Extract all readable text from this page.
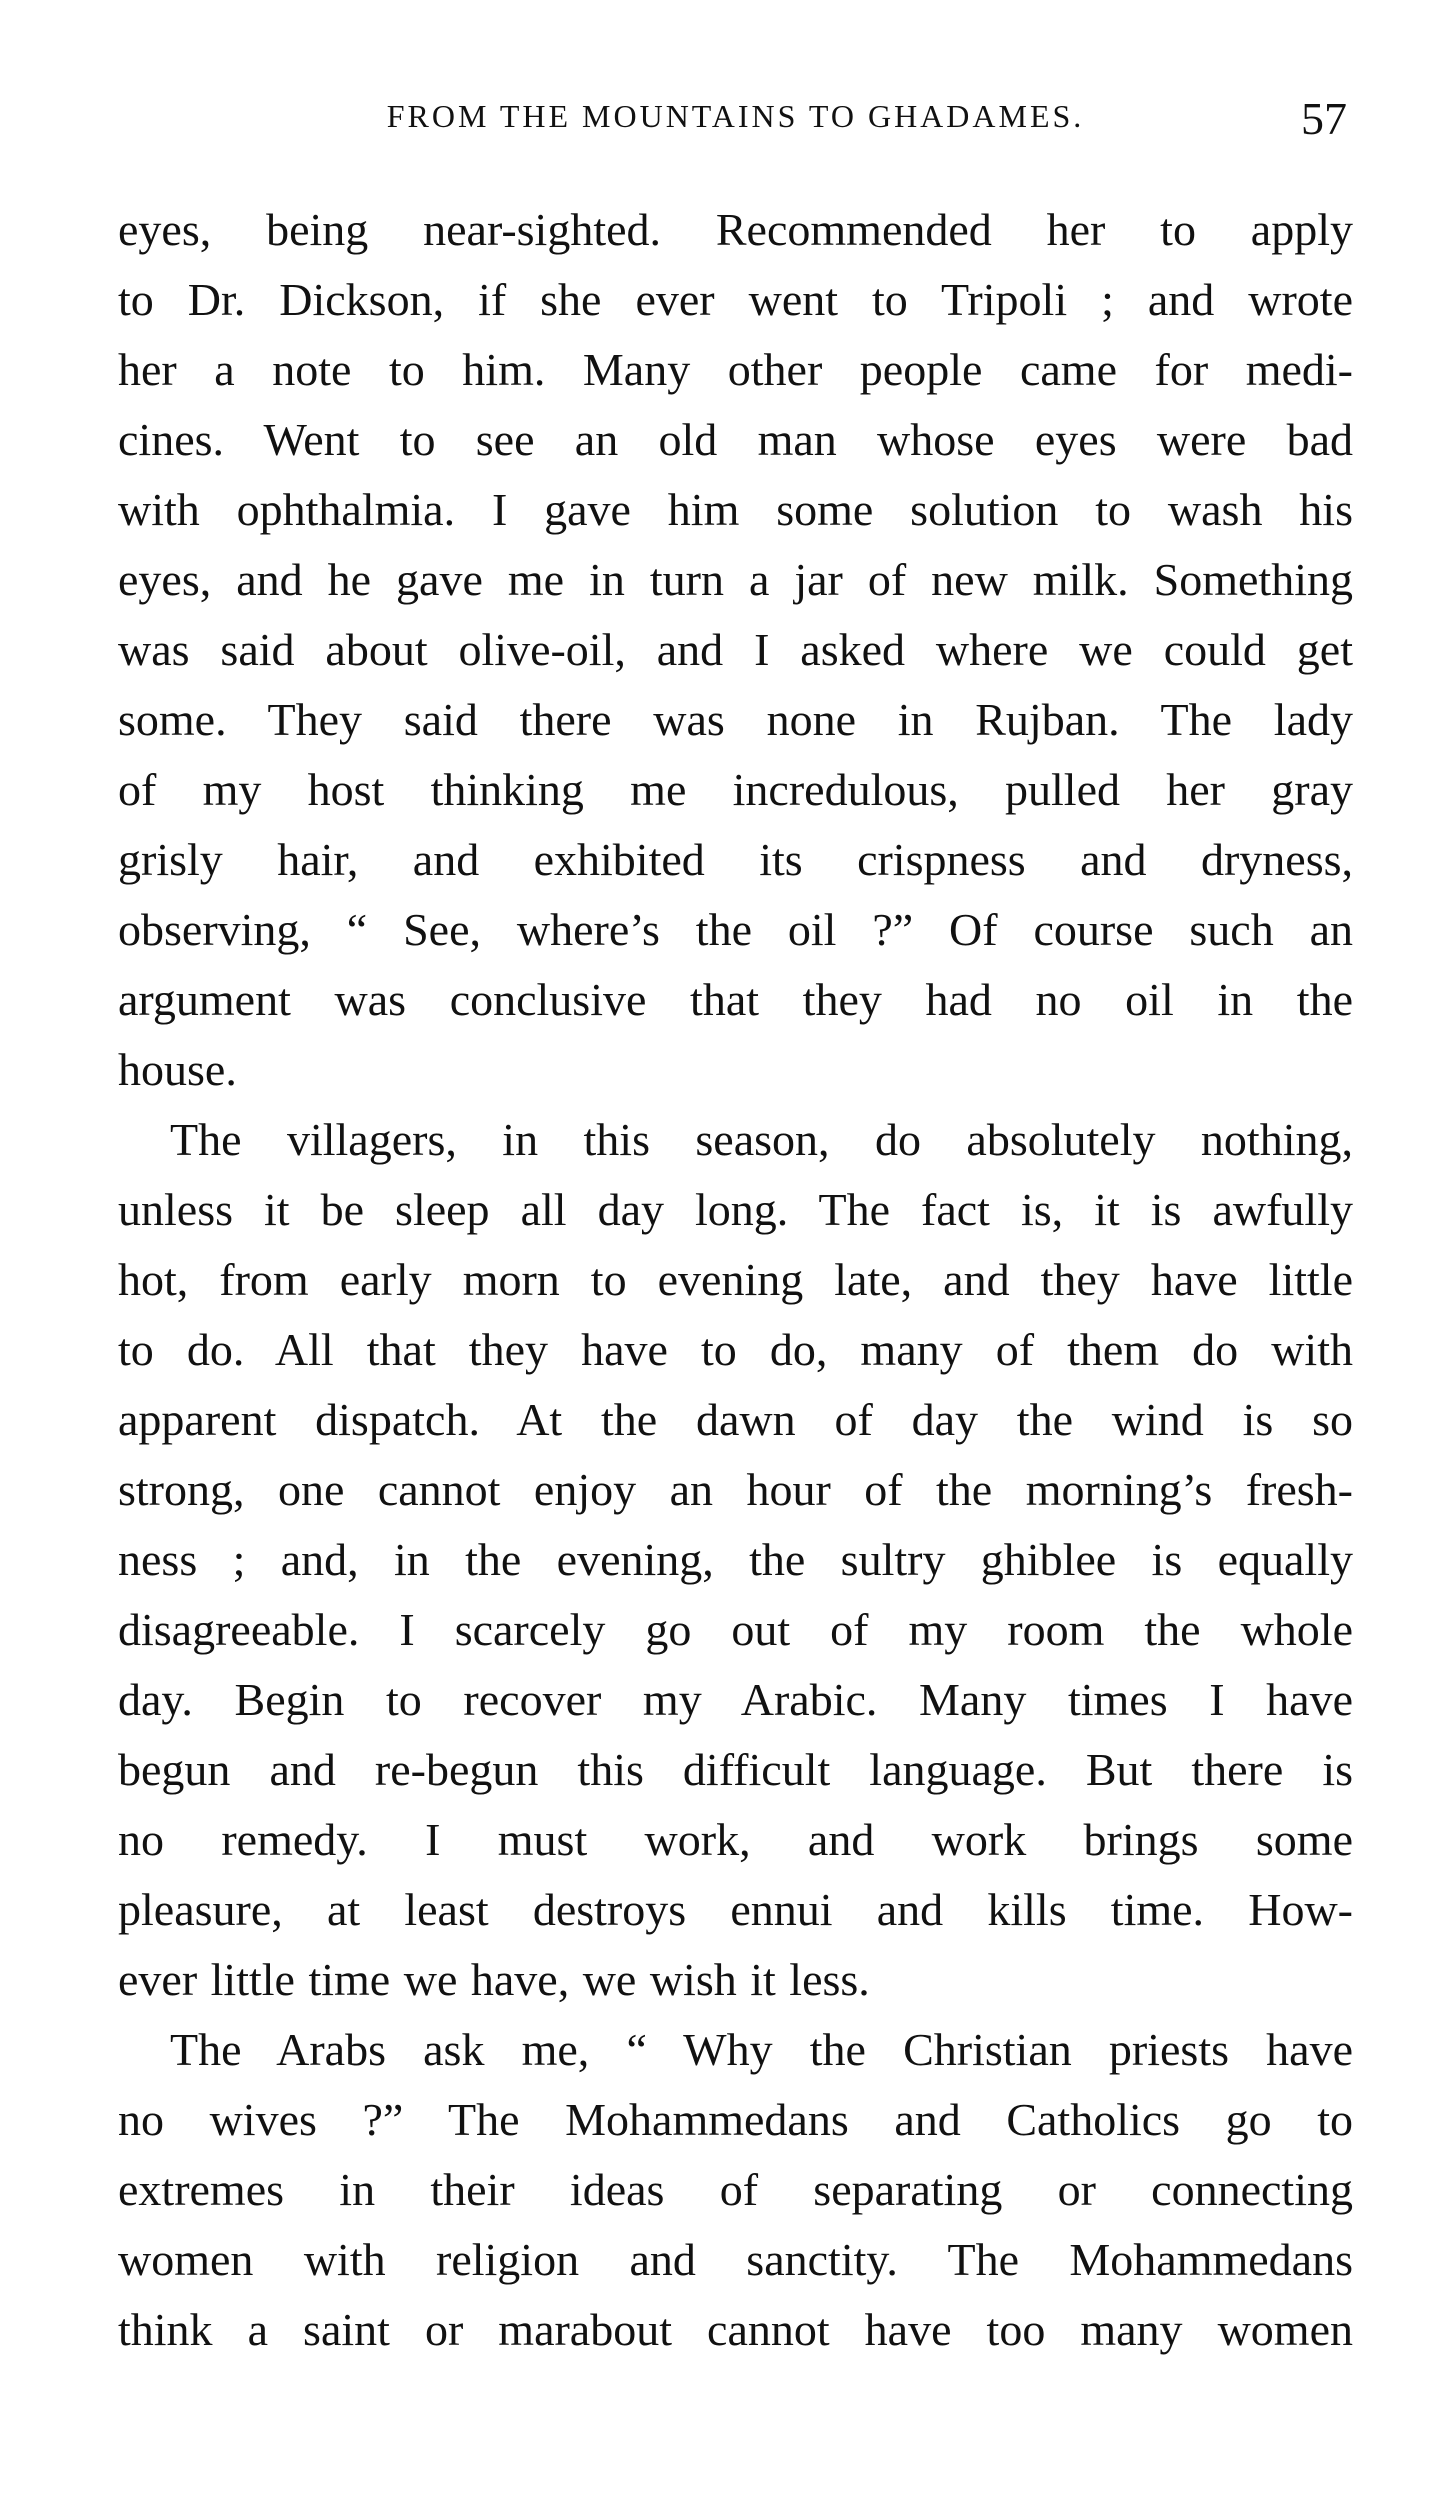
FROM THE MOUNTAINS TO GHADAMES.	57

eyes, being near-sighted. Recommended her to apply
to Dr. Dickson, if she ever went to Tripoli ; and wrote
her a note to him. Many other people came for medi-
cines. Went to see an old man whose eyes were bad
with ophthalmia. I gave him some solution to wash his
eyes, and he gave me in turn a jar of new milk. Something
was said about olive-oil, and I asked where we could get
some. They said there was none in Rujban. The lady
of my host thinking me incredulous, pulled her gray
grisly hair, and exhibited its crispness and dryness,
observing, “ See, where’s the oil ?” Of course such an
argument was conclusive that they had no oil in the
house.

The villagers, in this season, do absolutely nothing,
unless it be sleep all day long. The fact is, it is awfully
hot, from early morn to evening late, and they have little
to do. All that they have to do, many of them do with
apparent dispatch. At the dawn of day the wind is so
strong, one cannot enjoy an hour of the morning’s fresh-
ness ; and, in the evening, the sultry ghiblee is equally
disagreeable. I scarcely go out of my room the whole
day. Begin to recover my Arabic. Many times I have
begun and re-begun this difficult language. But there is
no remedy. I must work, and work brings some
pleasure, at least destroys ennui and kills time. How-
ever little time we have, we wish it less.

The Arabs ask me, “ Why the Christian priests have
no wives ?” The Mohammedans and Catholics go to
extremes in their ideas of separating or connecting
women with religion and sanctity. The Mohammedans
think a saint or marabout cannot have too many women
